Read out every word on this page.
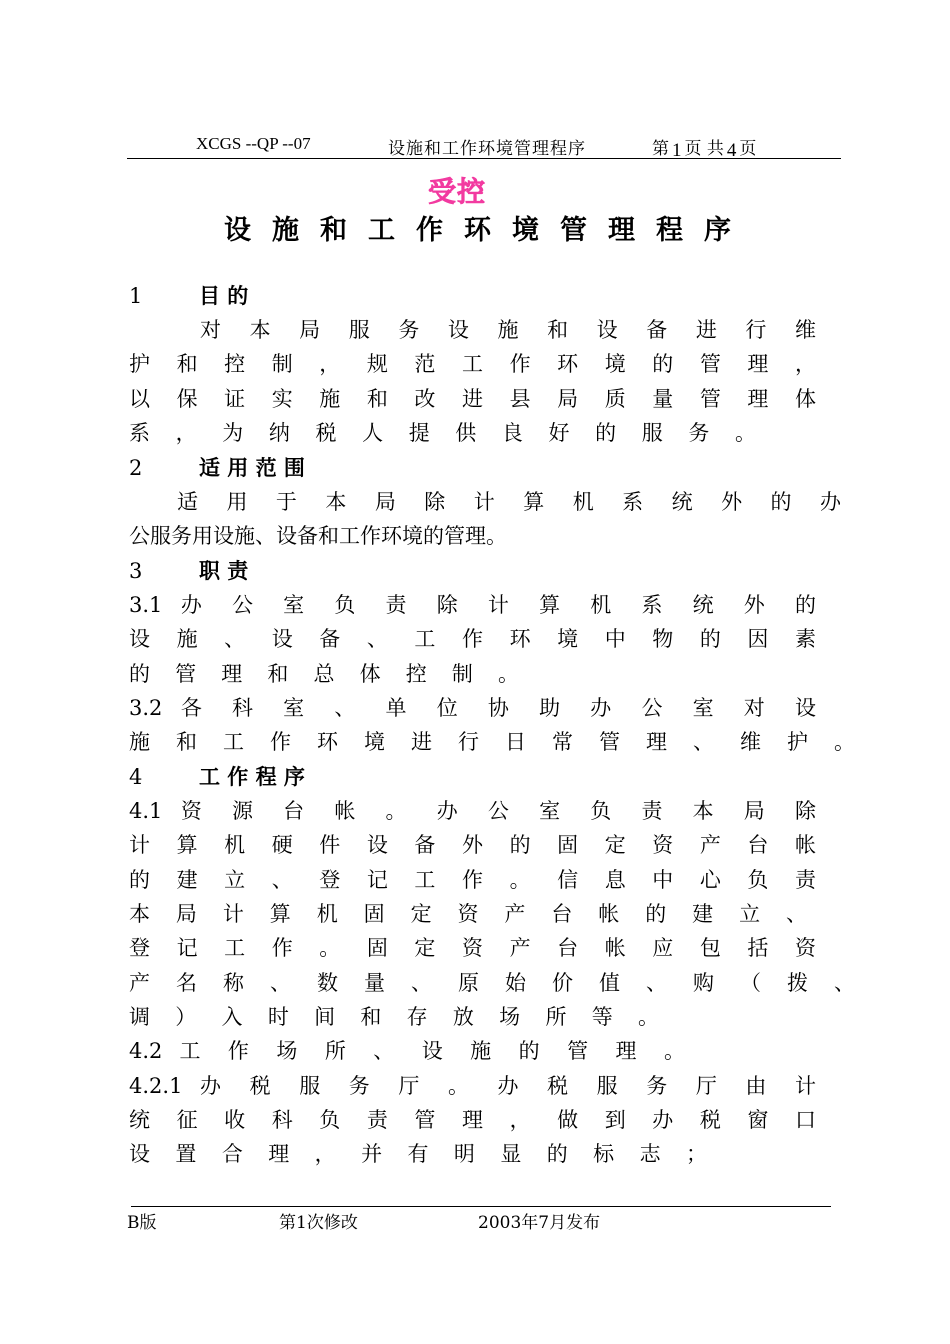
XCGS --QP --07	设施和工作环境管理程序	第 1 页 共 4 页
受控
设施和工作环境管理程序
1	目 的
对 本 局 服 务 设 施 和 设 备 进 行 维
护 和 控 制 ， 规 范 工 作 环 境 的 管 理 ，
以 保 证 实 施 和 改 进 县 局 质 量 管 理 体
系 ， 为 纳 税 人 提 供 良 好 的 服 务 。
2	适 用 范 围
适 用 于 本 局 除 计 算 机 系 统 外 的 办
公服务用设施、设备和工作环境的管理。
3	职 责
3.1 办 公 室 负 责 除 计 算 机 系 统 外 的
设 施 、 设 备 、 工 作 环 境 中 物 的 因 素
的 管 理 和 总 体 控 制 。
3.2 各 科 室 、 单 位 协 助 办 公 室 对 设
施 和 工 作 环 境 进 行 日 常 管 理 、 维 护 。
4	工 作 程 序
4.1 资 源 台 帐 。 办 公 室 负 责 本 局 除
计 算 机 硬 件 设 备 外 的 固 定 资 产 台 帐
的 建 立 、 登 记 工 作 。 信 息 中 心 负 责
本 局 计 算 机 固 定 资 产 台 帐 的 建 立 、
登 记 工 作 。 固 定 资 产 台 帐 应 包 括 资
产 名 称 、 数 量 、 原 始 价 值 、 购 （ 拨 、
调 ） 入 时 间 和 存 放 场 所 等 。
4.2 工 作 场 所 、 设 施 的 管 理 。
4.2.1 办 税 服 务 厅 。 办 税 服 务 厅 由 计
统 征 收 科 负 责 管 理 ， 做 到 办 税 窗 口
设 置 合 理 ， 并 有 明 显 的 标 志 ；
B版	第1次修改	2003年7月发布
